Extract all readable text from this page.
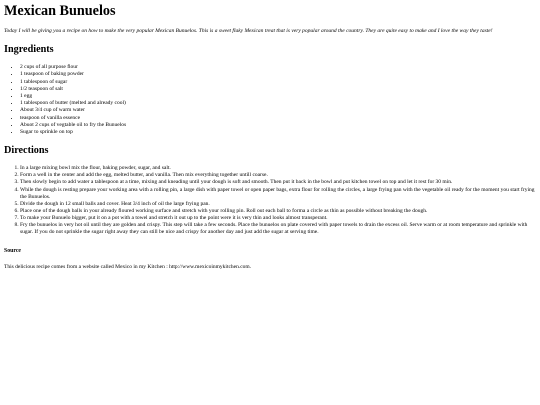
Mexican Bunuelos

Today I will be giving you a recipe on how to make the very popular Mexican Bunuelos. This is a sweet flaky Mexican treat that is very popular around the country. They are quite easy to make and I love the way they taste!

Ingredients
• 2 cups of all purpose flour
• 1 teaspoon of baking powder
• 1 tablespoon of sugar
• 1/2 teaspoon of salt
• 1 egg
• 1 tablespoon of butter (melted and already cool)
• About 3/4 cup of warm water
• teaspoon of vanilla essence
• Abuot 2 cups of vegtable oil to fry the Bunuelos
• Sugar to sprinkle on top
Directions
1. In a large mixing bowl mix the flour, baking powder, sugar, and salt.
2. Form a well in the center and add the egg, melted butter, and vanilla. Then mix everything together untill coarse.
3. Then slowly begin to add water a tablespoon at a time, mixing and kneading until your dough is soft and smooth. Then put it back in the bowl and put kitchen towel on top and let it rest for 30 min.
4. While the dough is resting prepare your working area with a rolling pin, a large dish with paper towel or open paper bags, extra flour for rolling the circles, a large frying pan with the vegetable oil ready for the moment you start frying the Bunuelos.
5. Divide the dough in 12 small balls and cover. Heat 3/4 inch of oil the large frying pan.
6. Place one of the dough balls in your already floured working surface and stretch with your rolling pin. Roll out each ball to forma a circle as thin as possible without breaking the dough.
7. To make your Bunuelo bigger, put it on a pot with a towel and stretch it out up to the point were it is very thin and looks almost transperant.
8. Fry the bunuelos in very hot oil until they are golden and crispy. This step will take a few seconds. Place the bunuelos on plate covered with paper towels to drain the excess oil. Serve warm or at room temperature and sprinkle with sugar. If you do not sprinkle the sugar right away they can still be nice and crispy for another day and just add the sugar at serving time.
Source

This delicious recipe comes from a website called Mexico in my Kitchen : http://www.mexicoinmykitchen.com.
